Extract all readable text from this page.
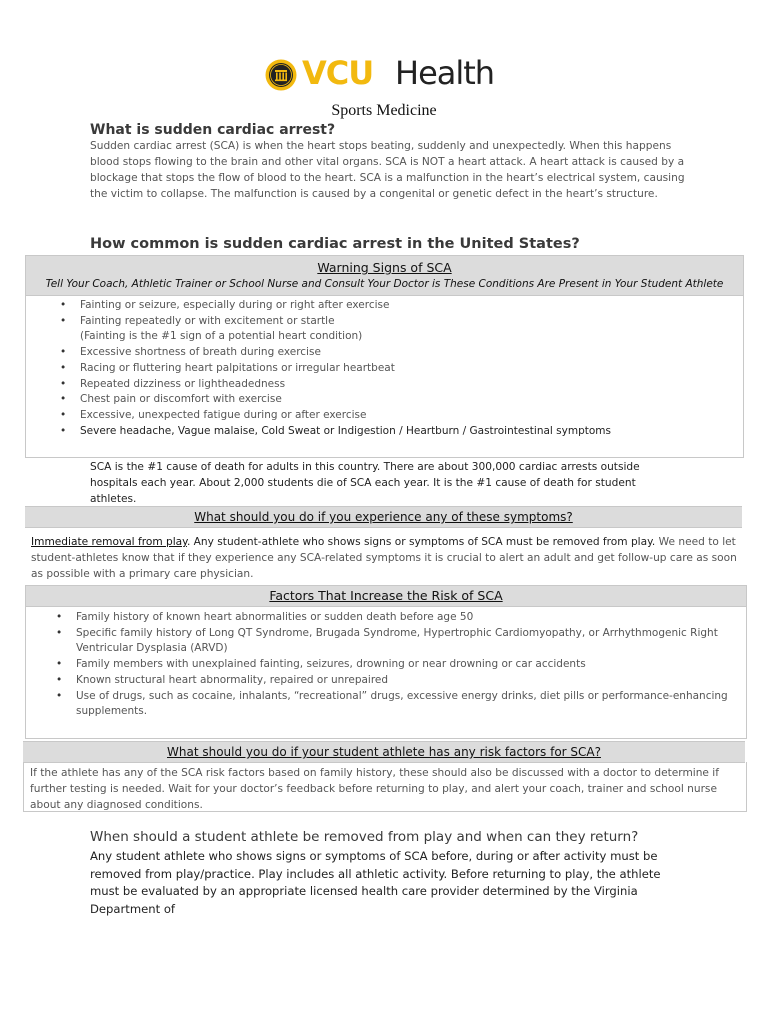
VCU Health
Sports Medicine
What is sudden cardiac arrest?
Sudden cardiac arrest (SCA) is when the heart stops beating, suddenly and unexpectedly. When this happens blood stops flowing to the brain and other vital organs. SCA is NOT a heart attack. A heart attack is caused by a blockage that stops the flow of blood to the heart. SCA is a malfunction in the heart’s electrical system, causing the victim to collapse. The malfunction is caused by a congenital or genetic defect in the heart’s structure.
How common is sudden cardiac arrest in the United States?
Warning Signs of SCA
Tell Your Coach, Athletic Trainer or School Nurse and Consult Your Doctor is These Conditions Are Present in Your Student Athlete
• Fainting or seizure, especially during or right after exercise
• Fainting repeatedly or with excitement or startle
(Fainting is the #1 sign of a potential heart condition)
• Excessive shortness of breath during exercise
• Racing or fluttering heart palpitations or irregular heartbeat
• Repeated dizziness or lightheadedness
• Chest pain or discomfort with exercise
• Excessive, unexpected fatigue during or after exercise
• Severe headache, Vague malaise, Cold Sweat or Indigestion / Heartburn / Gastrointestinal symptoms
SCA is the #1 cause of death for adults in this country. There are about 300,000 cardiac arrests outside hospitals each year. About 2,000 students die of SCA each year. It is the #1 cause of death for student athletes.
What should you do if you experience any of these symptoms?
Immediate removal from play. Any student-athlete who shows signs or symptoms of SCA must be removed from play. We need to let student-athletes know that if they experience any SCA-related symptoms it is crucial to alert an adult and get follow-up care as soon as possible with a primary care physician.
Factors That Increase the Risk of SCA
• Family history of known heart abnormalities or sudden death before age 50
• Specific family history of Long QT Syndrome, Brugada Syndrome, Hypertrophic Cardiomyopathy, or Arrhythmogenic Right Ventricular Dysplasia (ARVD)
• Family members with unexplained fainting, seizures, drowning or near drowning or car accidents
• Known structural heart abnormality, repaired or unrepaired
• Use of drugs, such as cocaine, inhalants, “recreational” drugs, excessive energy drinks, diet pills or performance-enhancing supplements.
What should you do if your student athlete has any risk factors for SCA?
If the athlete has any of the SCA risk factors based on family history, these should also be discussed with a doctor to determine if further testing is needed. Wait for your doctor’s feedback before returning to play, and alert your coach, trainer and school nurse about any diagnosed conditions.
When should a student athlete be removed from play and when can they return?
Any student athlete who shows signs or symptoms of SCA before, during or after activity must be removed from play/practice. Play includes all athletic activity. Before returning to play, the athlete must be evaluated by an appropriate licensed health care provider determined by the Virginia Department of
